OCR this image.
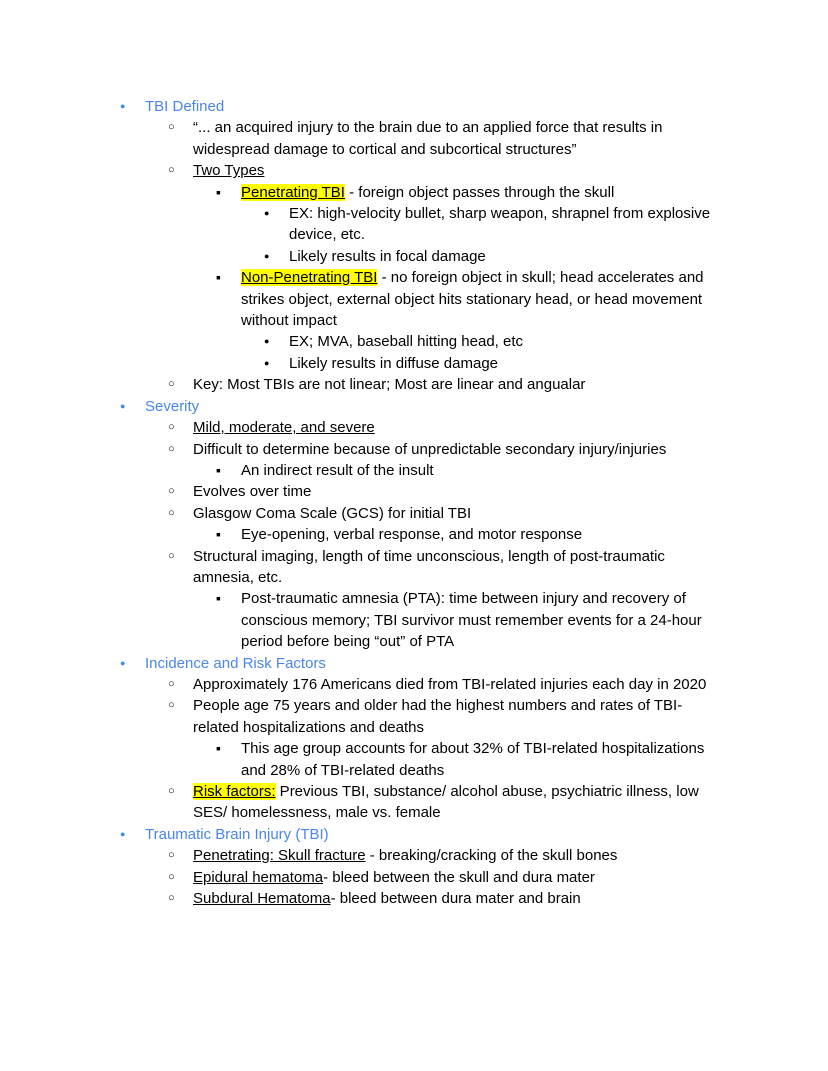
●	TBI Defined
○	“... an acquired injury to the brain due to an applied force that results in widespread damage to cortical and subcortical structures”
○	Two Types
▪	Penetrating TBI - foreign object passes through the skull
●	EX: high-velocity bullet, sharp weapon, shrapnel from explosive device, etc.
●	Likely results in focal damage
▪	Non-Penetrating TBI - no foreign object in skull; head accelerates and strikes object, external object hits stationary head, or head movement without impact
●	EX; MVA, baseball hitting head, etc
●	Likely results in diffuse damage
○	Key: Most TBIs are not linear; Most are linear and angualar
●	Severity
○	Mild, moderate, and severe
○	Difficult to determine because of unpredictable secondary injury/injuries
▪	An indirect result of the insult
○	Evolves over time
○	Glasgow Coma Scale (GCS) for initial TBI
▪	Eye-opening, verbal response, and motor response
○	Structural imaging, length of time unconscious, length of post-traumatic amnesia, etc.
▪	Post-traumatic amnesia (PTA): time between injury and recovery of conscious memory; TBI survivor must remember events for a 24-hour period before being “out” of PTA
●	Incidence and Risk Factors
○	Approximately 176 Americans died from TBI-related injuries each day in 2020
○	People age 75 years and older had the highest numbers and rates of TBI-related hospitalizations and deaths
▪	This age group accounts for about 32% of TBI-related hospitalizations and 28% of TBI-related deaths
○	Risk factors: Previous TBI, substance/ alcohol abuse, psychiatric illness, low SES/ homelessness, male vs. female
●	Traumatic Brain Injury (TBI)
○	Penetrating: Skull fracture - breaking/cracking of the skull bones
○	Epidural hematoma- bleed between the skull and dura mater
○	Subdural Hematoma- bleed between dura mater and brain
